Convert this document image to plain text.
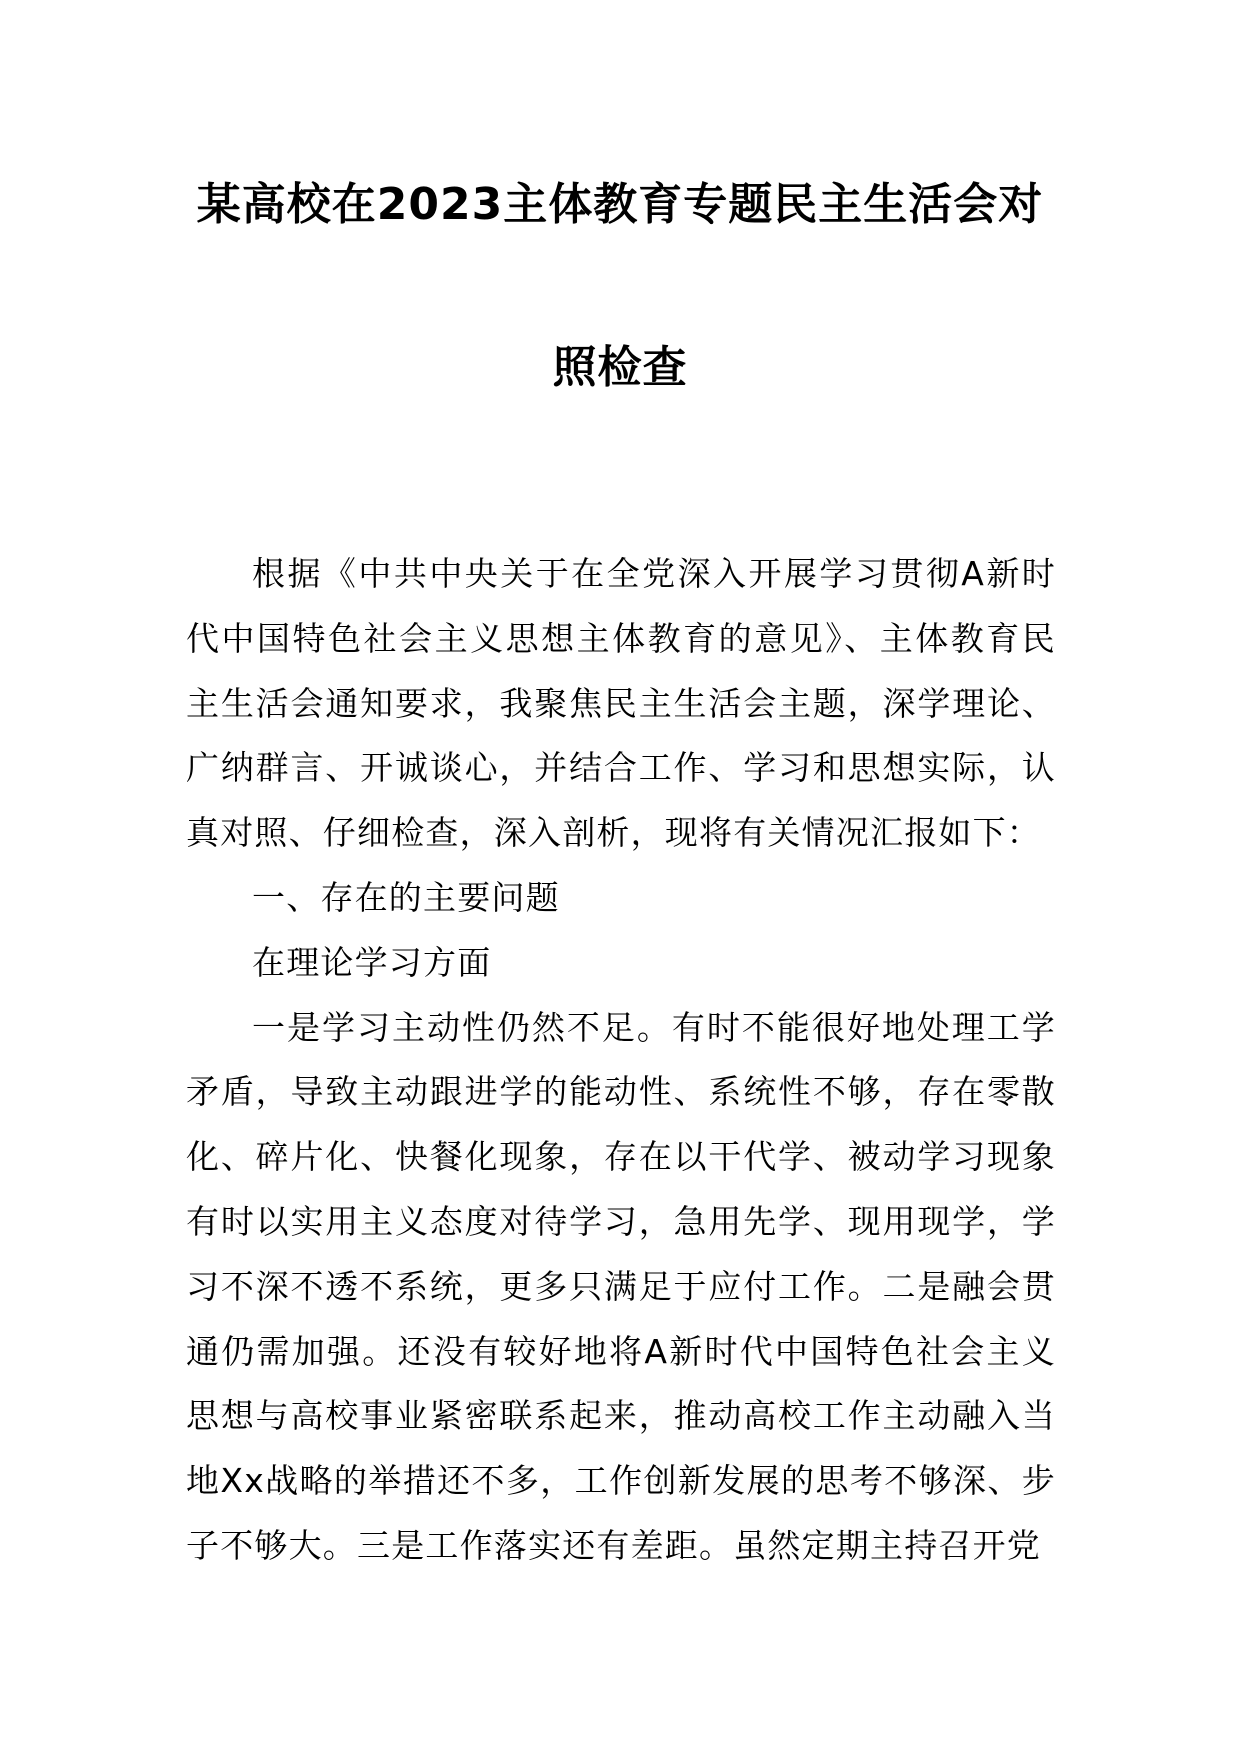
某高校在2023主体教育专题民主生活会对
照检查

根据《中共中央关于在全党深入开展学习贯彻A新时代中国特色社会主义思想主体教育的意见》、主体教育民主生活会通知要求，我聚焦民主生活会主题，深学理论、广纳群言、开诚谈心，并结合工作、学习和思想实际，认真对照、仔细检查，深入剖析，现将有关情况汇报如下：

一、存在的主要问题

在理论学习方面

一是学习主动性仍然不足。有时不能很好地处理工学矛盾，导致主动跟进学的能动性、系统性不够，存在零散化、碎片化、快餐化现象，存在以干代学、被动学习现象有时以实用主义态度对待学习，急用先学、现用现学，学习不深不透不系统，更多只满足于应付工作。二是融会贯通仍需加强。还没有较好地将A新时代中国特色社会主义思想与高校事业紧密联系起来，推动高校工作主动融入当地Xx战略的举措还不多，工作创新发展的思考不够深、步子不够大。三是工作落实还有差距。虽然定期主持召开党
